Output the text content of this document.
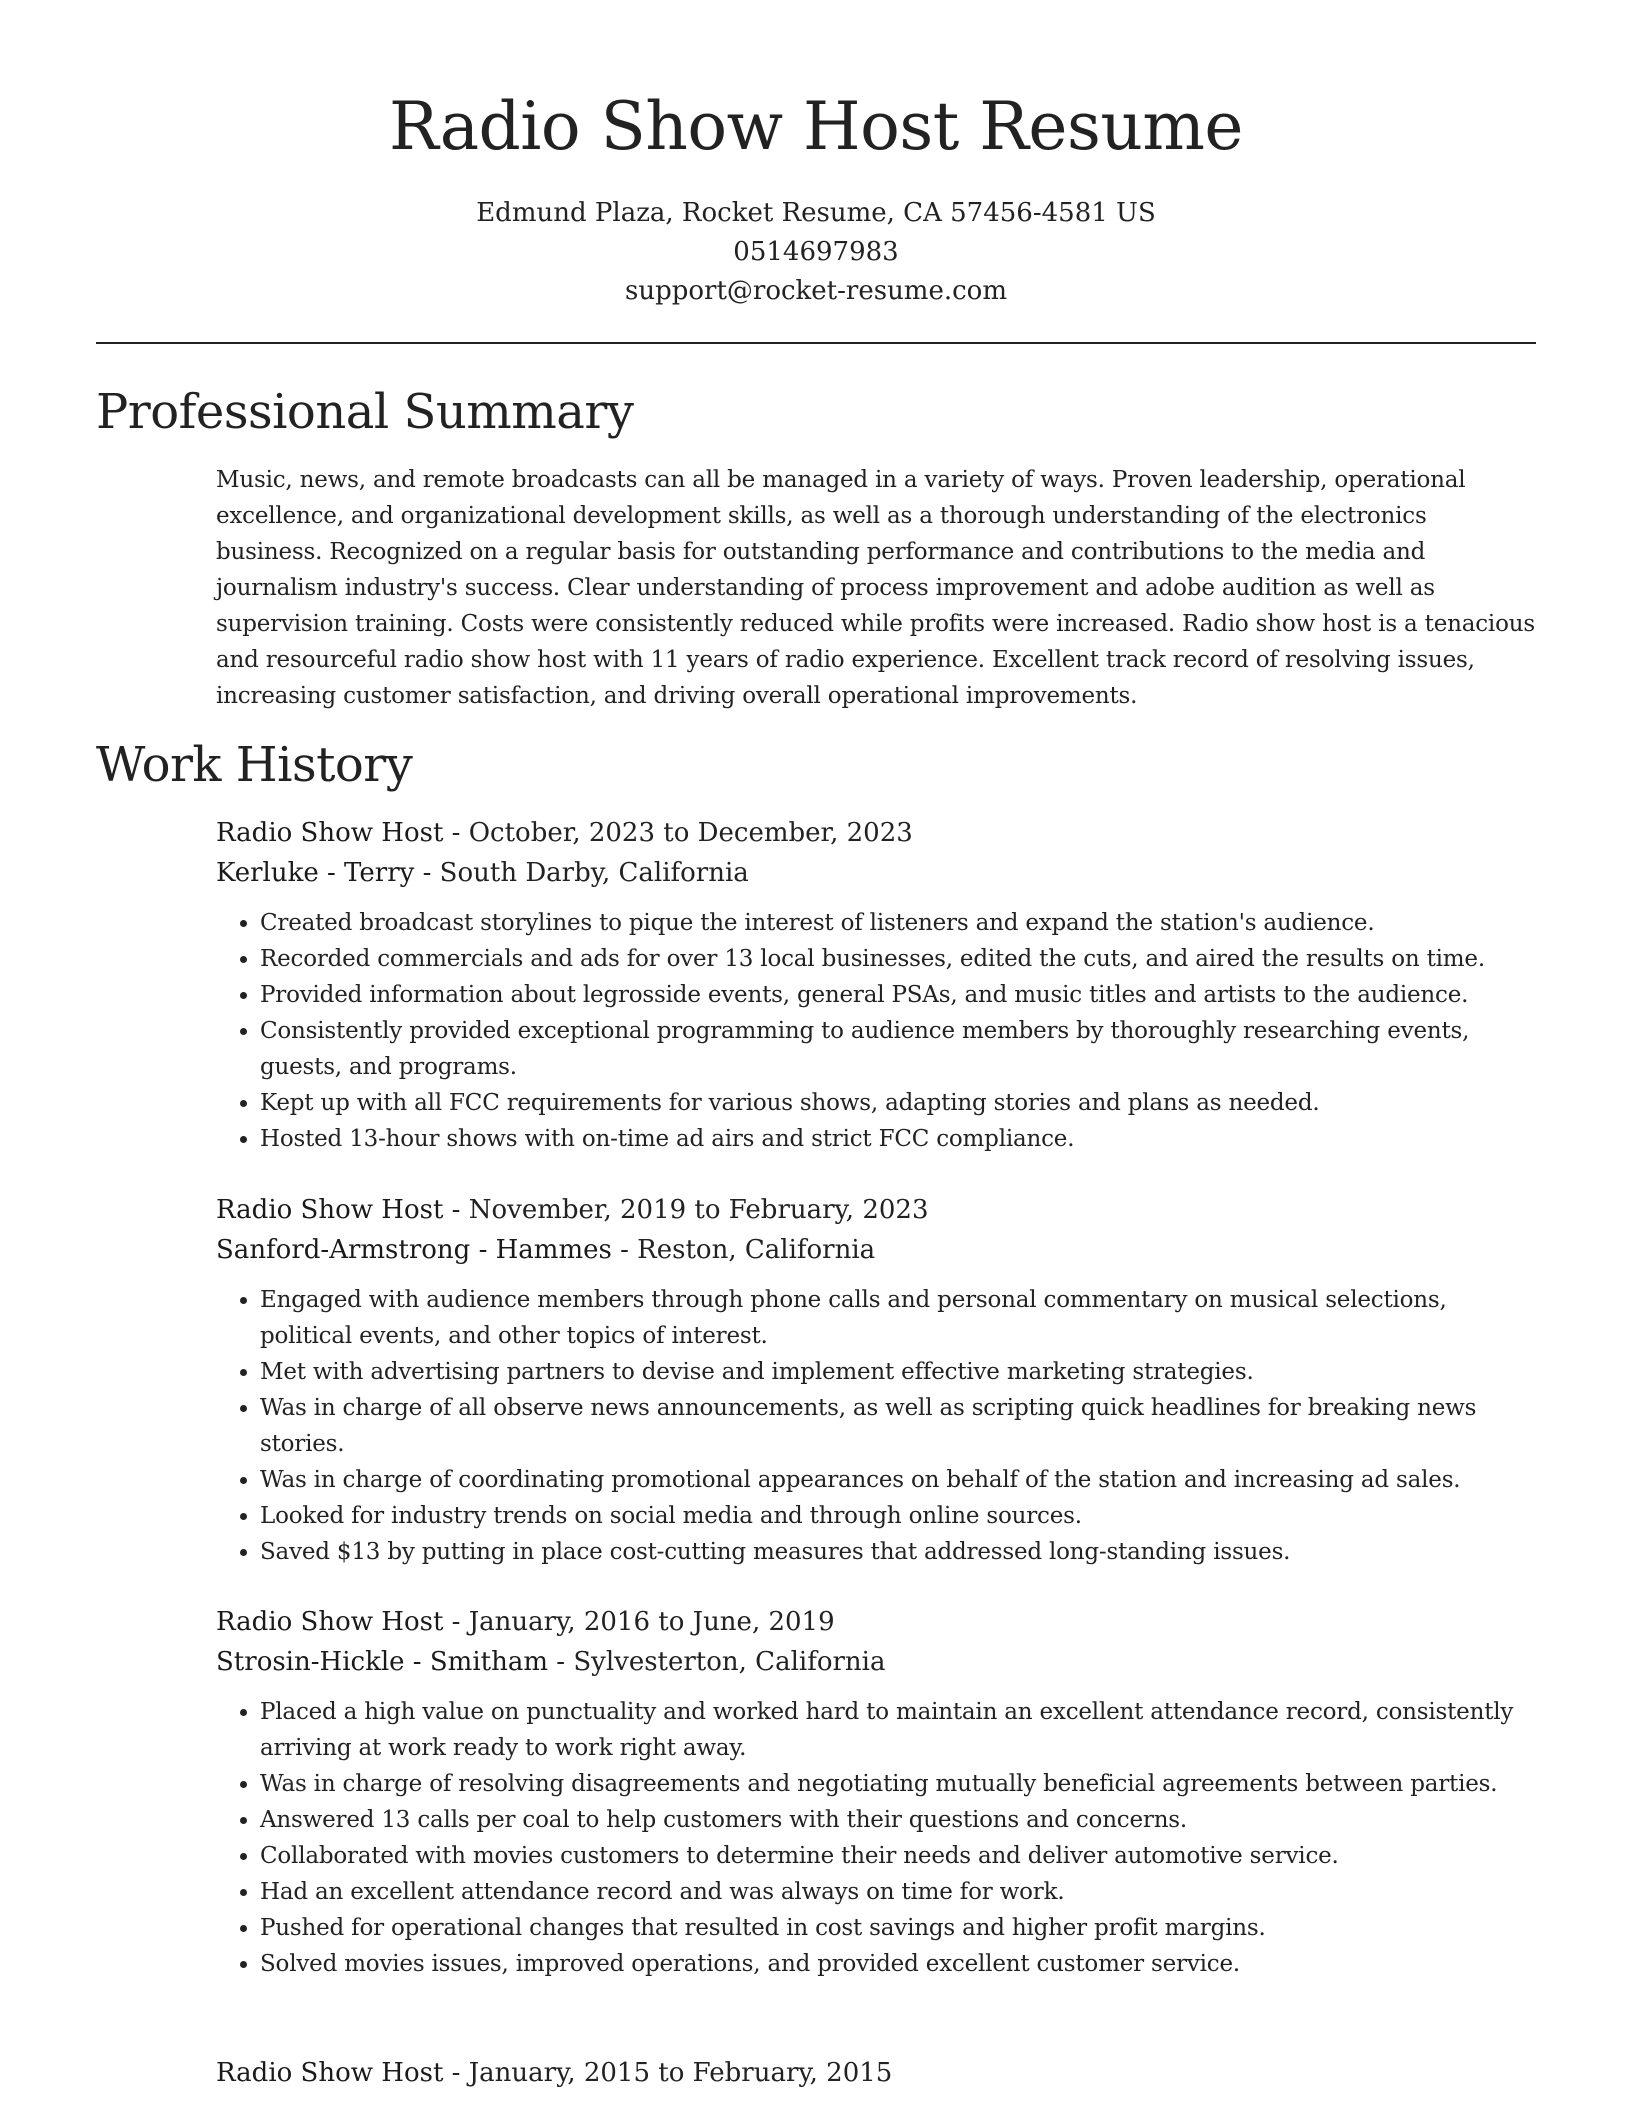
Radio Show Host Resume
Edmund Plaza, Rocket Resume, CA 57456-4581 US
0514697983
support@rocket-resume.com
Professional Summary

Music, news, and remote broadcasts can all be managed in a variety of ways. Proven leadership, operational excellence, and organizational development skills, as well as a thorough understanding of the electronics business. Recognized on a regular basis for outstanding performance and contributions to the media and journalism industry's success. Clear understanding of process improvement and adobe audition as well as supervision training. Costs were consistently reduced while profits were increased. Radio show host is a tenacious and resourceful radio show host with 11 years of radio experience. Excellent track record of resolving issues, increasing customer satisfaction, and driving overall operational improvements.

Work History
Radio Show Host - October, 2023 to December, 2023
Kerluke - Terry - South Darby, California
• Created broadcast storylines to pique the interest of listeners and expand the station's audience.
• Recorded commercials and ads for over 13 local businesses, edited the cuts, and aired the results on time.
• Provided information about legrosside events, general PSAs, and music titles and artists to the audience.
• Consistently provided exceptional programming to audience members by thoroughly researching events, guests, and programs.
• Kept up with all FCC requirements for various shows, adapting stories and plans as needed.
• Hosted 13-hour shows with on-time ad airs and strict FCC compliance.
Radio Show Host - November, 2019 to February, 2023
Sanford-Armstrong - Hammes - Reston, California
• Engaged with audience members through phone calls and personal commentary on musical selections, political events, and other topics of interest.
• Met with advertising partners to devise and implement effective marketing strategies.
• Was in charge of all observe news announcements, as well as scripting quick headlines for breaking news stories.
• Was in charge of coordinating promotional appearances on behalf of the station and increasing ad sales.
• Looked for industry trends on social media and through online sources.
• Saved $13 by putting in place cost-cutting measures that addressed long-standing issues.
Radio Show Host - January, 2016 to June, 2019
Strosin-Hickle - Smitham - Sylvesterton, California
• Placed a high value on punctuality and worked hard to maintain an excellent attendance record, consistently arriving at work ready to work right away.
• Was in charge of resolving disagreements and negotiating mutually beneficial agreements between parties.
• Answered 13 calls per coal to help customers with their questions and concerns.
• Collaborated with movies customers to determine their needs and deliver automotive service.
• Had an excellent attendance record and was always on time for work.
• Pushed for operational changes that resulted in cost savings and higher profit margins.
• Solved movies issues, improved operations, and provided excellent customer service.
Radio Show Host - January, 2015 to February, 2015
